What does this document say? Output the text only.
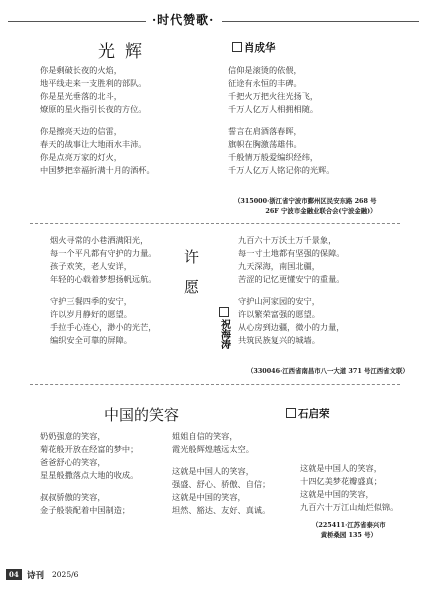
·时代赞歌·
光辉	肖成华
你是剩破长夜的火焰，
地平线走来一支胜利的部队。
你是星光垂落的北斗，
燎原的星火指引长夜的方位。
你是擦亮天边的信雷，
春天的战事让大地雨水丰沛。
你是点亮万家的灯火，
中国梦把幸福折满十月的酒杯。
信仰是滚烫的依偎，
征途有永恒的丰碑。
千把火万把火往光扬飞，
千万人亿万人相拥相随。
誓言在肩酒落春晖，
旗帜在胸激荡雄伟。
千般情万般爱编织经纬，
千万人亿万人铭记你的光辉。
（315000·浙江省宁波市鄞州区民安东路 268 号
26F 宁波市金融业联合会(宁波金融)）
烟火寻常的小巷洒满阳光，
每一个平凡都有守护的力量。
孩子欢笑，老人安详，
年轻的心载着梦想扬帆远航。
守护三餐四季的安宁，
许以岁月静好的愿望。
手拉手心连心，渺小的光芒，
编织安全可靠的屏障。
许
愿
祝海涛
九百六十万沃土万千景象，
每一寸土地都有坚强的保障。
九天深海，南国北疆，
苦涩的记忆更懂安宁的重量。
守护山河家园的安宁，
许以繁荣富强的愿望。
从心房到边疆，微小的力量，
共筑民族复兴的城墙。
（330046·江西省南昌市八一大道 371 号江西省文联）
中国的笑容	石启荣
奶奶强意的笑容，
菊花般开放在经富的梦中；
爸爸舒心的笑容，
星星般撒落点大地的收成。
叔叔骄傲的笑容，
金子般装配着中国制造；
姐姐自信的笑容，
霞光般辉煌越远太空。
这就是中国人的笑容，
强盛、舒心、骄傲、自信；
这就是中国的笑容，
坦然、豁达、友好、真诚。
这就是中国人的笑容，
十四亿美梦花瓣盛真；
这就是中国的笑容，
九百六十万江山灿烂似锦。
（225411·江苏省泰兴市
黄桥桑园 135 号）
04 诗刊 2025/6
